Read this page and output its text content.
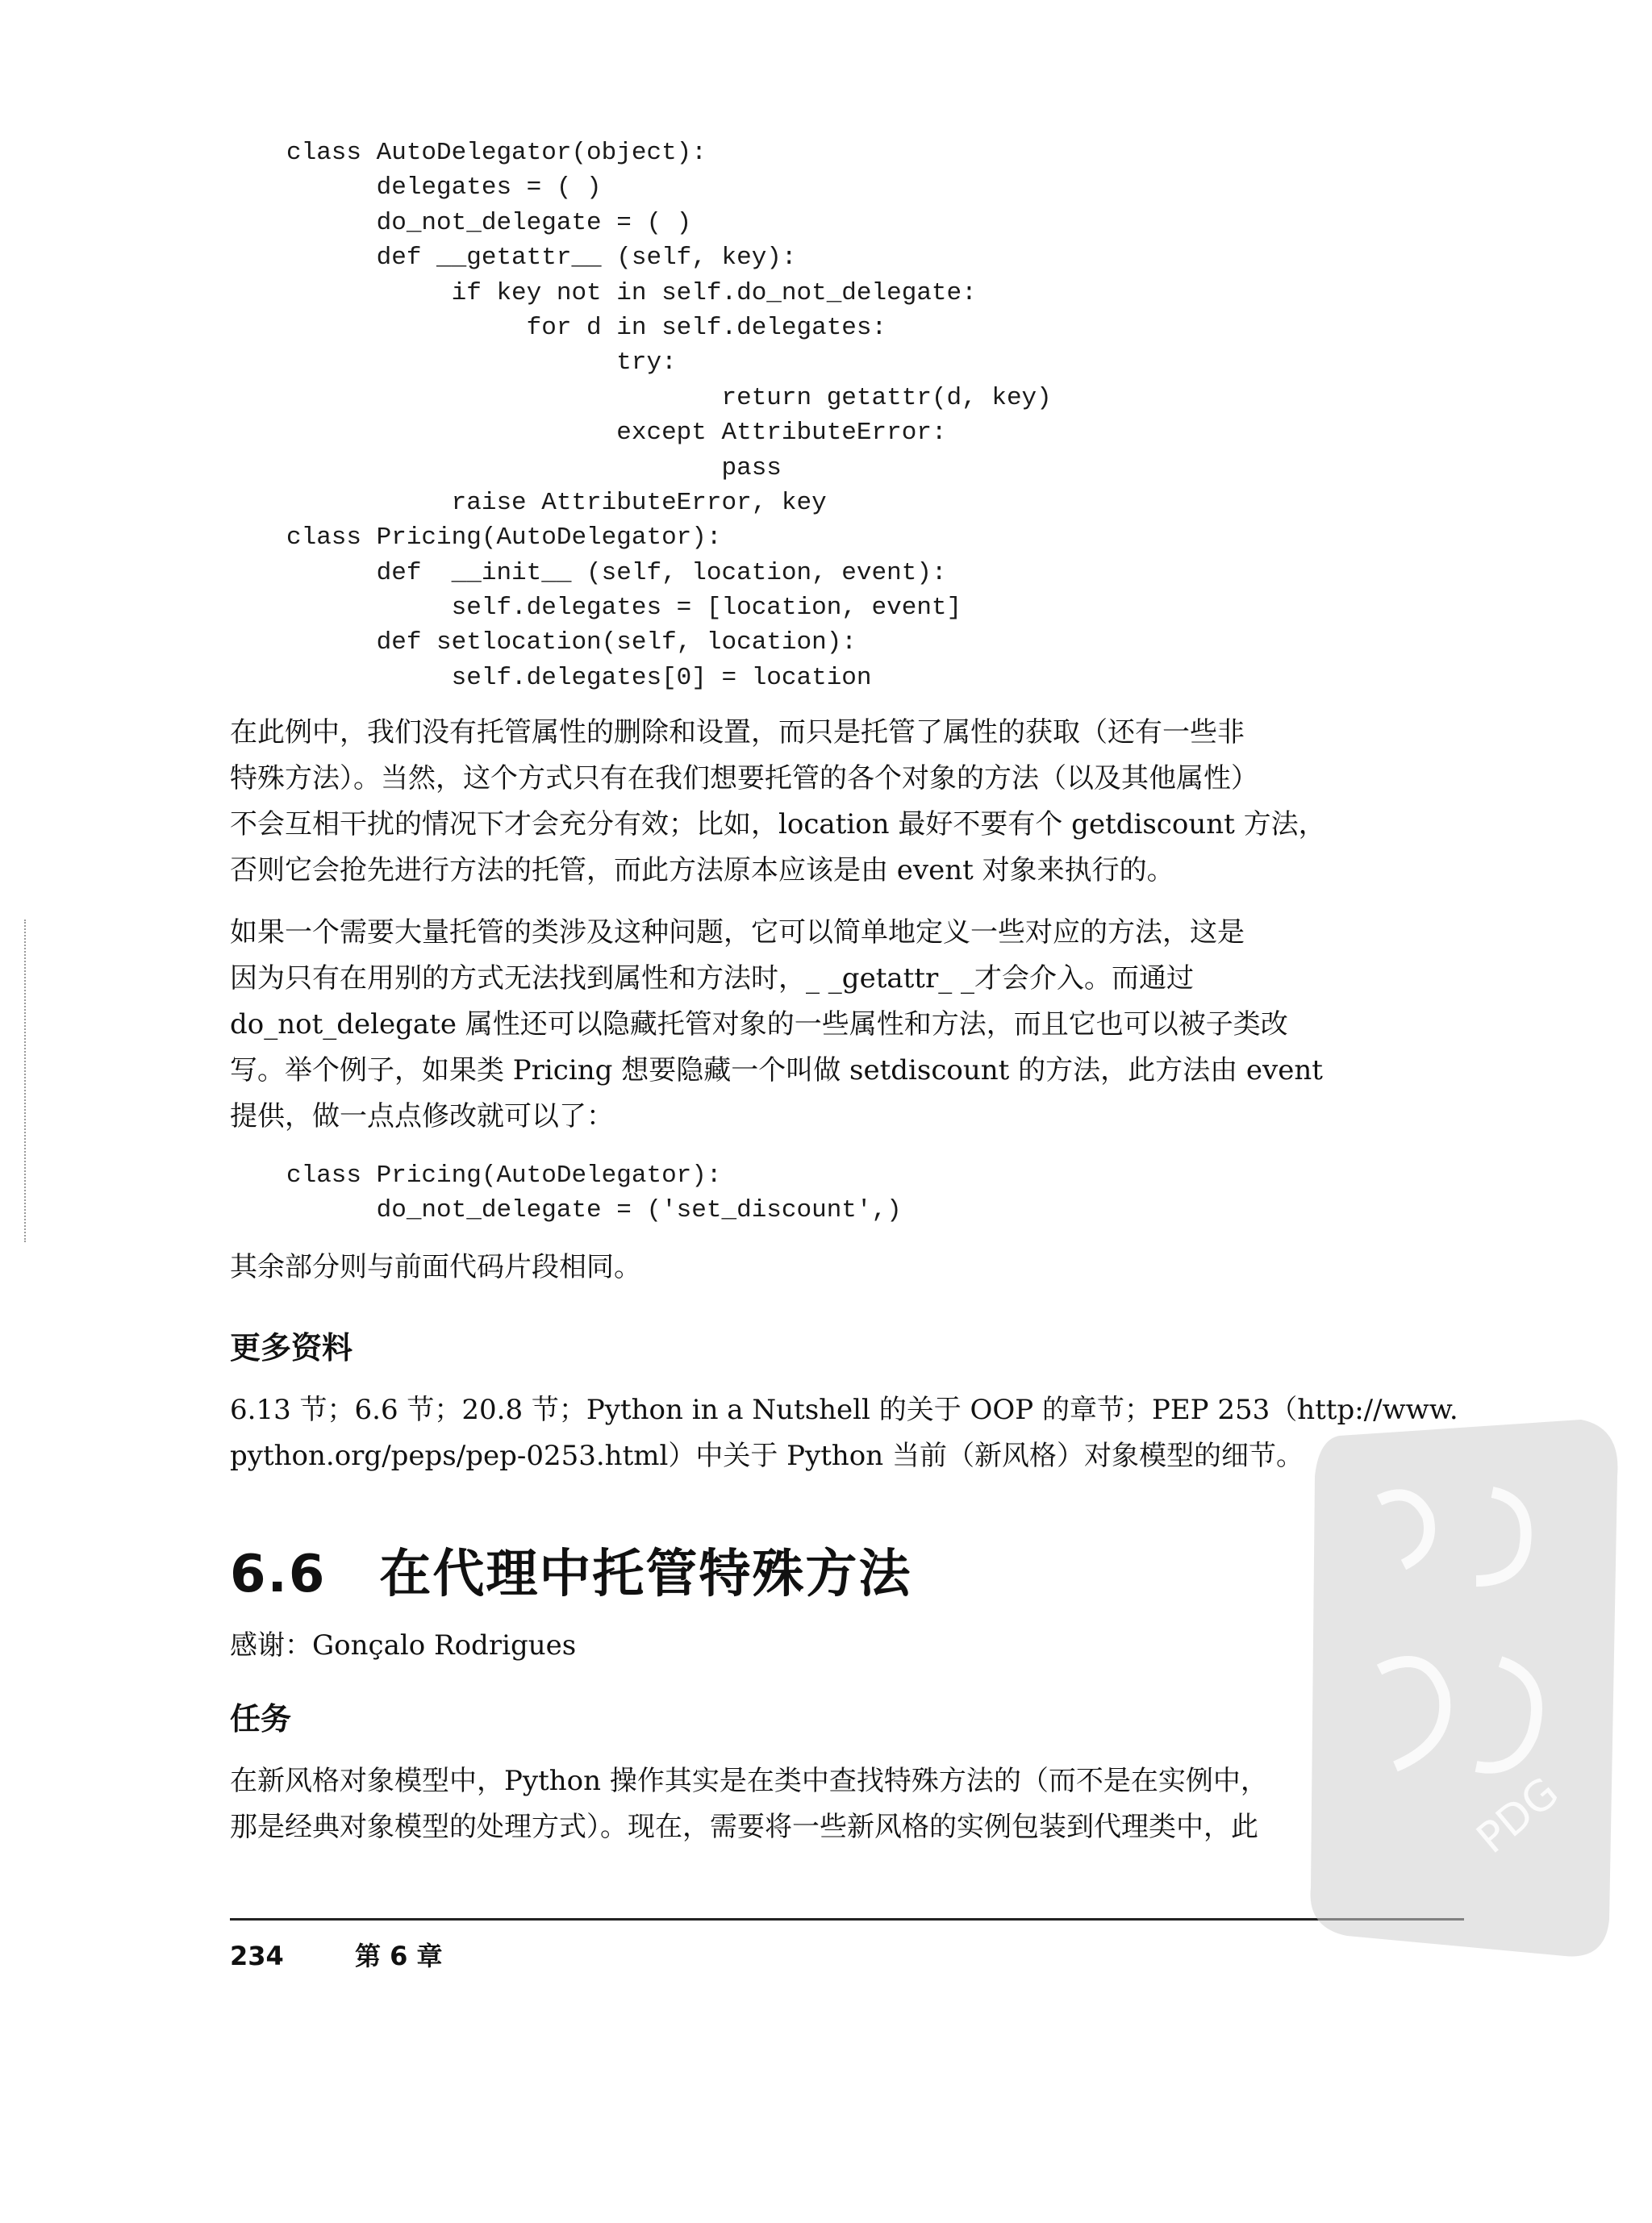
class AutoDelegator(object):
delegates = ( )
do_not_delegate = ( )
def __getattr__ (self, key):
if key not in self.do_not_delegate:
for d in self.delegates:
try:
return getattr(d, key)
except AttributeError:
pass
raise AttributeError, key
class Pricing(AutoDelegator):
def  __init__ (self, location, event):
self.delegates = [location, event]
def setlocation(self, location):
self.delegates[0] = location
在此例中，我们没有托管属性的删除和设置，而只是托管了属性的获取（还有一些非
特殊方法）。当然，这个方式只有在我们想要托管的各个对象的方法（以及其他属性）
不会互相干扰的情况下才会充分有效；比如，location 最好不要有个 getdiscount 方法，
否则它会抢先进行方法的托管，而此方法原本应该是由 event 对象来执行的。
如果一个需要大量托管的类涉及这种问题，它可以简单地定义一些对应的方法，这是
因为只有在用别的方式无法找到属性和方法时，_ _getattr_ _才会介入。而通过
do_not_delegate 属性还可以隐藏托管对象的一些属性和方法，而且它也可以被子类改
写。举个例子，如果类 Pricing 想要隐藏一个叫做 setdiscount 的方法，此方法由 event
提供，做一点点修改就可以了：
class Pricing(AutoDelegator):
do_not_delegate = ('set_discount',)

其余部分则与前面代码片段相同。

更多资料
6.13 节；6.6 节；20.8 节；Python in a Nutshell 的关于 OOP 的章节；PEP 253（http://www.
python.org/peps/pep-0253.html）中关于 Python 当前（新风格）对象模型的细节。
6.6 在代理中托管特殊方法

感谢：Gonçalo Rodrigues

任务
在新风格对象模型中，Python 操作其实是在类中查找特殊方法的（而不是在实例中，
那是经典对象模型的处理方式）。现在，需要将一些新风格的实例包装到代理类中，此
234	第 6 章
PDG
